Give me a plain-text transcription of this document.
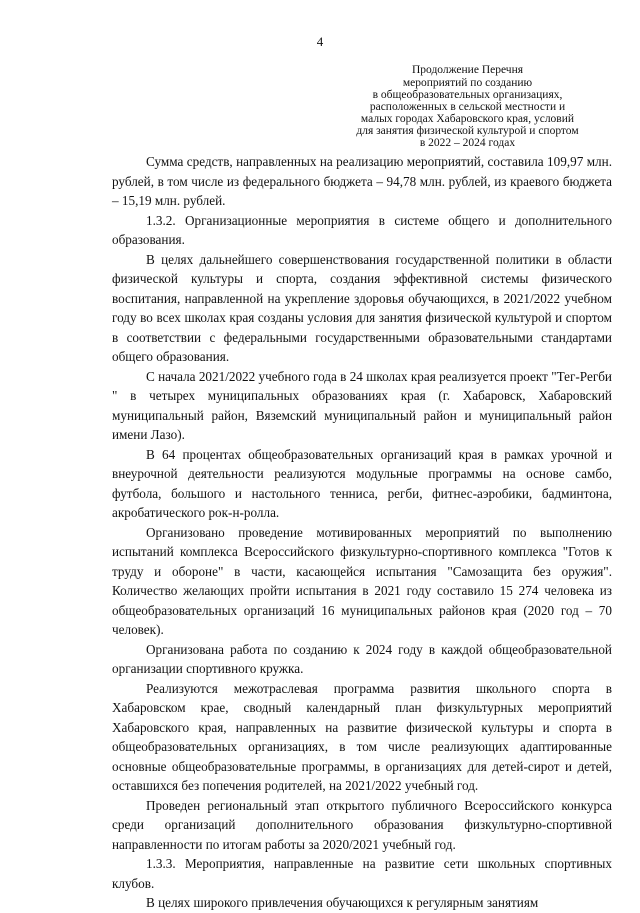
4
Продолжение Перечня
мероприятий по созданию
в общеобразовательных организациях,
расположенных в сельской местности и
малых городах Хабаровского края, условий
для занятия физической культурой и спортом
в 2022 – 2024 годах

Сумма средств, направленных на реализацию мероприятий, составила 109,97 млн. рублей, в том числе из федерального бюджета – 94,78 млн. рублей, из краевого бюджета – 15,19 млн. рублей.

1.3.2. Организационные мероприятия в системе общего и дополнительного образования.

В целях дальнейшего совершенствования государственной политики в области физической культуры и спорта, создания эффективной системы физического воспитания, направленной на укрепление здоровья обучающихся, в 2021/2022 учебном году во всех школах края созданы условия для занятия физической культурой и спортом в соответствии с федеральными государственными образовательными стандартами общего образования.

С начала 2021/2022 учебного года в 24 школах края реализуется проект "Тег-Регби " в четырех муниципальных образованиях края (г. Хабаровск, Хабаровский муниципальный район, Вяземский муниципальный район и муниципальный район имени Лазо).

В 64 процентах общеобразовательных организаций края в рамках урочной и внеурочной деятельности реализуются модульные программы на основе самбо, футбола, большого и настольного тенниса, регби, фитнес-аэробики, бадминтона, акробатического рок-н-ролла.

Организовано проведение мотивированных мероприятий по выполнению испытаний комплекса Всероссийского физкультурно-спортивного комплекса "Готов к труду и обороне" в части, касающейся испытания "Самозащита без оружия". Количество желающих пройти испытания в 2021 году составило 15 274 человека из общеобразовательных организаций 16 муниципальных районов края (2020 год – 70 человек).

Организована работа по созданию к 2024 году в каждой общеобразовательной организации спортивного кружка.

Реализуются межотраслевая программа развития школьного спорта в Хабаровском крае, сводный календарный план физкультурных мероприятий Хабаровского края, направленных на развитие физической культуры и спорта в общеобразовательных организациях, в том числе реализующих адаптированные основные общеобразовательные программы, в организациях для детей-сирот и детей, оставшихся без попечения родителей, на 2021/2022 учебный год.

Проведен региональный этап открытого публичного Всероссийского конкурса среди организаций дополнительного образования физкультурно-спортивной направленности по итогам работы за 2020/2021 учебный год.

1.3.3. Мероприятия, направленные на развитие сети школьных спортивных клубов.

В целях широкого привлечения обучающихся к регулярным занятиям
